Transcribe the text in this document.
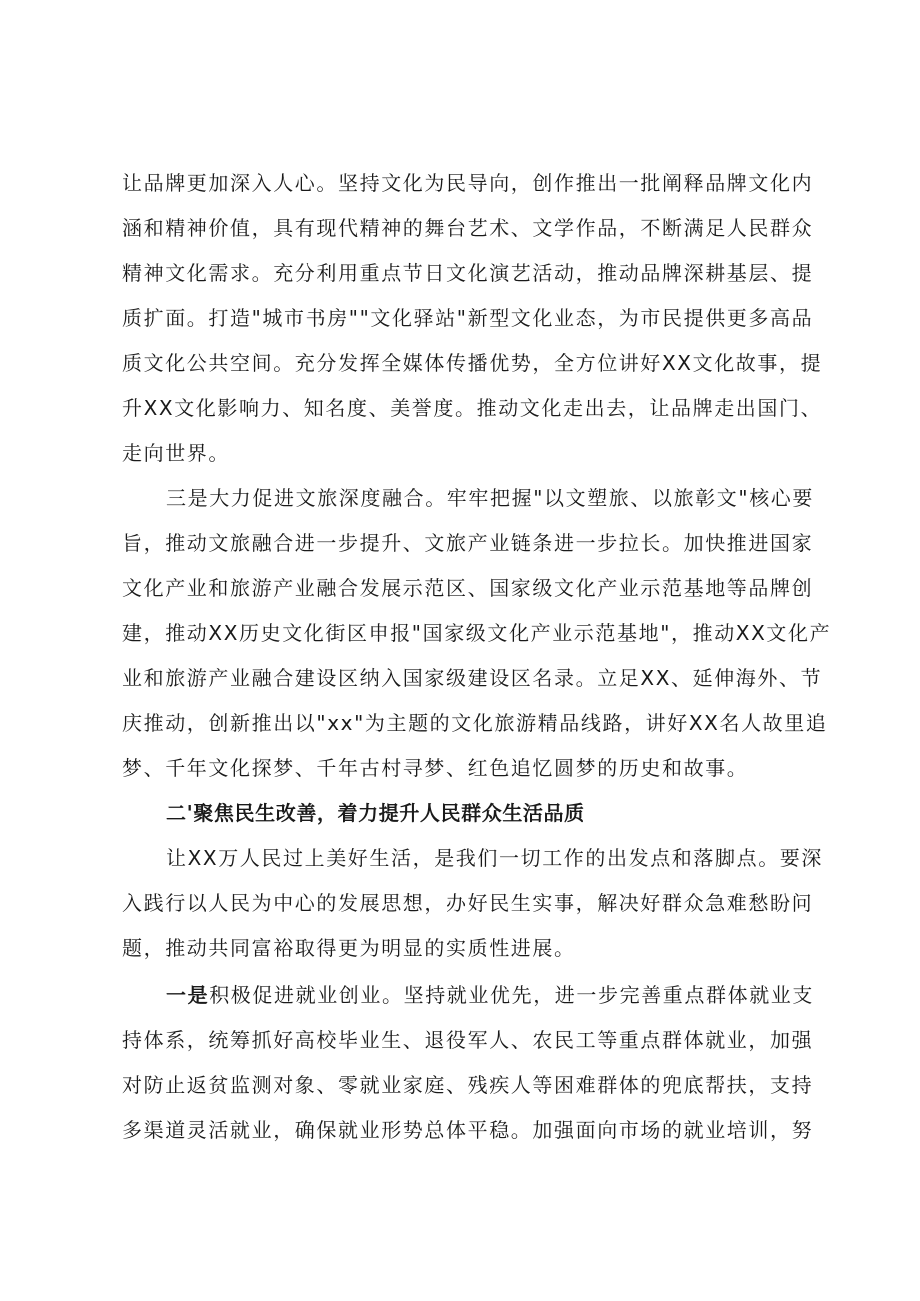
让品牌更加深入人心。坚持文化为民导向，创作推出一批阐释品牌文化内
涵和精神价值，具有现代精神的舞台艺术、文学作品，不断满足人民群众
精神文化需求。充分利用重点节日文化演艺活动，推动品牌深耕基层、提
质扩面。打造"城市书房""文化驿站"新型文化业态，为市民提供更多高品
质文化公共空间。充分发挥全媒体传播优势，全方位讲好XX文化故事，提
升XX文化影响力、知名度、美誉度。推动文化走出去，让品牌走出国门、
走向世界。
三是大力促进文旅深度融合。牢牢把握"以文塑旅、以旅彰文"核心要
旨，推动文旅融合进一步提升、文旅产业链条进一步拉长。加快推进国家
文化产业和旅游产业融合发展示范区、国家级文化产业示范基地等品牌创
建，推动XX历史文化街区申报"国家级文化产业示范基地"，推动XX文化产
业和旅游产业融合建设区纳入国家级建设区名录。立足XX、延伸海外、节
庆推动，创新推出以"xx"为主题的文化旅游精品线路，讲好XX名人故里追
梦、千年文化探梦、千年古村寻梦、红色追忆圆梦的历史和故事。
二'聚焦民生改善，着力提升人民群众生活品质
让XX万人民过上美好生活，是我们一切工作的出发点和落脚点。要深
入践行以人民为中心的发展思想，办好民生实事，解决好群众急难愁盼问
题，推动共同富裕取得更为明显的实质性进展。
一是积极促进就业创业。坚持就业优先，进一步完善重点群体就业支
持体系，统筹抓好高校毕业生、退役军人、农民工等重点群体就业，加强
对防止返贫监测对象、零就业家庭、残疾人等困难群体的兜底帮扶，支持
多渠道灵活就业，确保就业形势总体平稳。加强面向市场的就业培训，努
